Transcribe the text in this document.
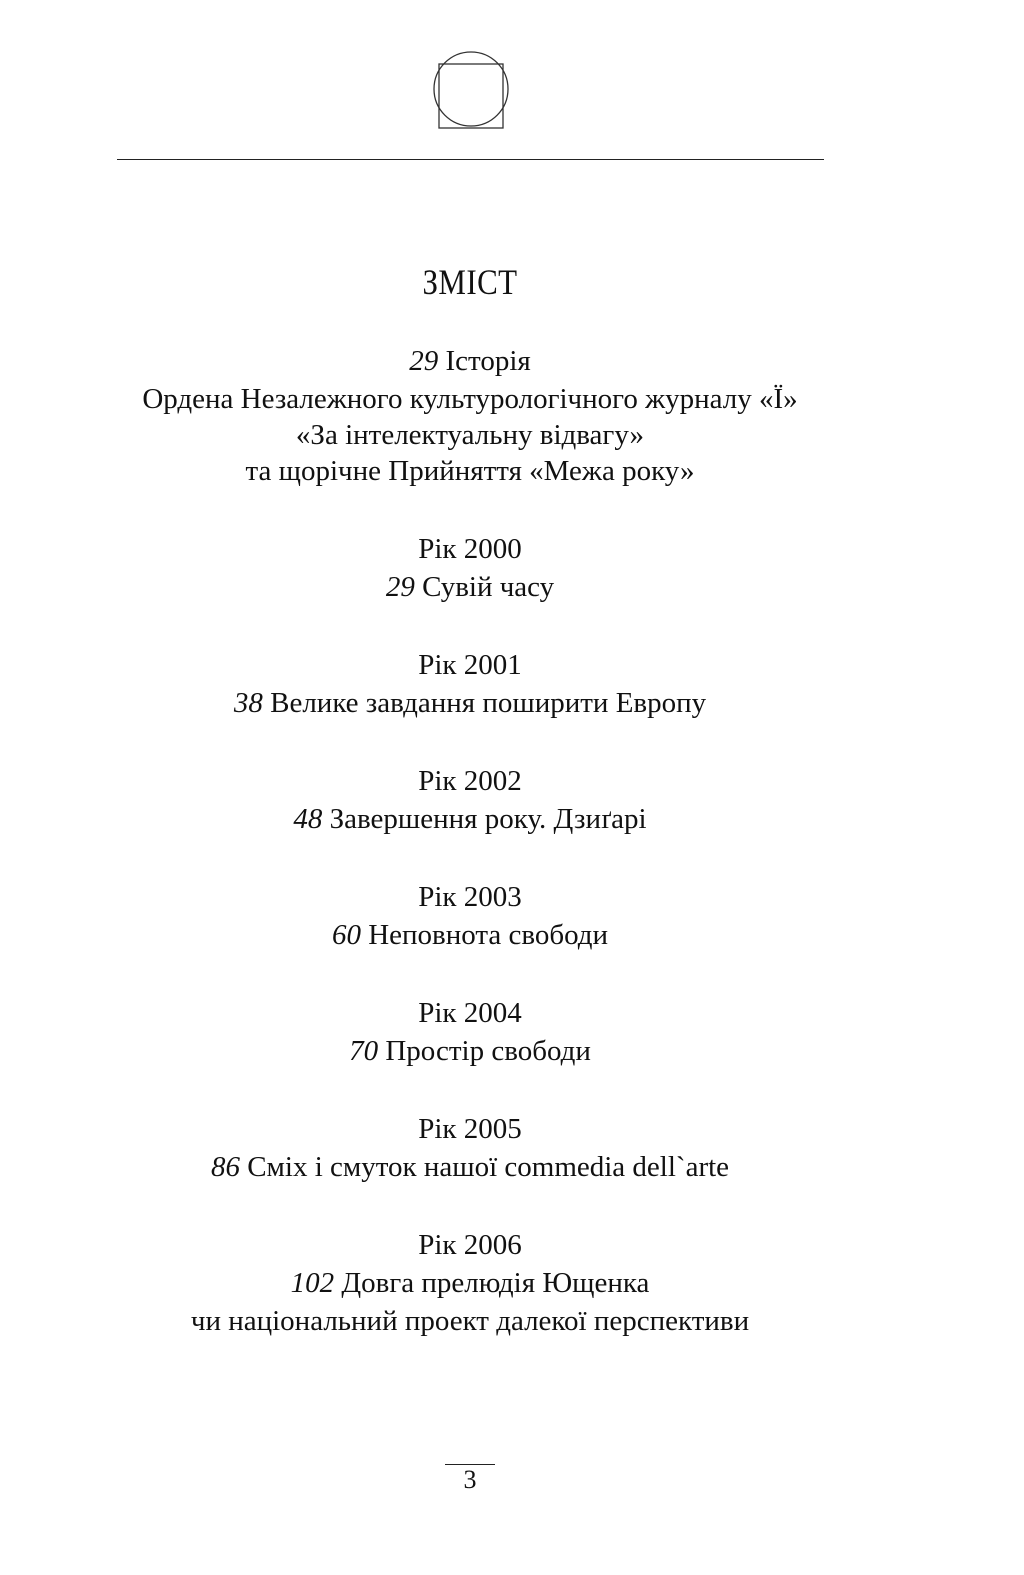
ЗМІСТ
29 Історія
Ордена Незалежного культурологічного журналу «Ї»
«За інтелектуальну відвагу»
та щорічне Прийняття «Межа року»
Рік 2000
29 Сувій часу
Рік 2001
38 Велике завдання поширити Европу
Рік 2002
48 Завершення року. Дзиґарі
Рік 2003
60 Неповнота свободи
Рік 2004
70 Простір свободи
Рік 2005
86 Сміх і смуток нашої commedia dell`arte
Рік 2006
102 Довга прелюдія Ющенка
чи національний проект далекої перспективи
3
